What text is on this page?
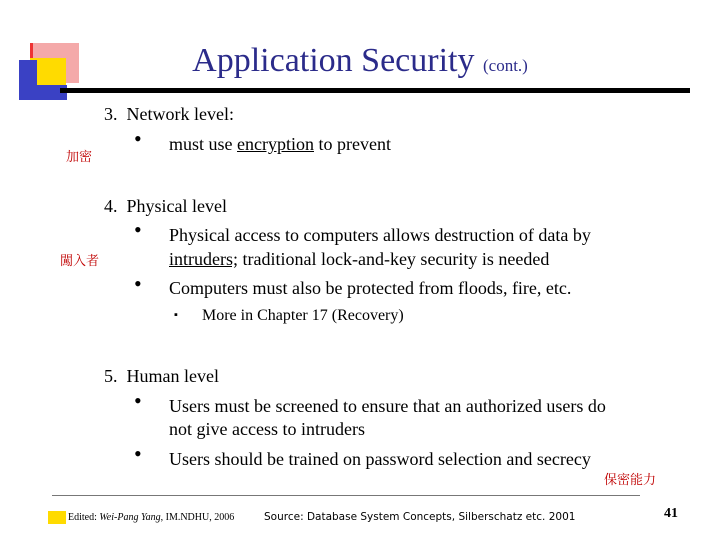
Application Security (cont.)
加密
3. Network level:
• must use encryption to prevent
4. Physical level
• Physical access to computers allows destruction of data by
闖入者	intruders; traditional lock-and-key security is needed
• Computers must also be protected from floods, fire, etc.
▪ More in Chapter 17 (Recovery)
5. Human level
• Users must be screened to ensure that an authorized users do
not give access to intruders
• Users should be trained on password selection and secrecy
保密能力
Edited: Wei-Pang Yang, IM.NDHU, 2006	Source: Database System Concepts, Silberschatz etc. 2001	41
